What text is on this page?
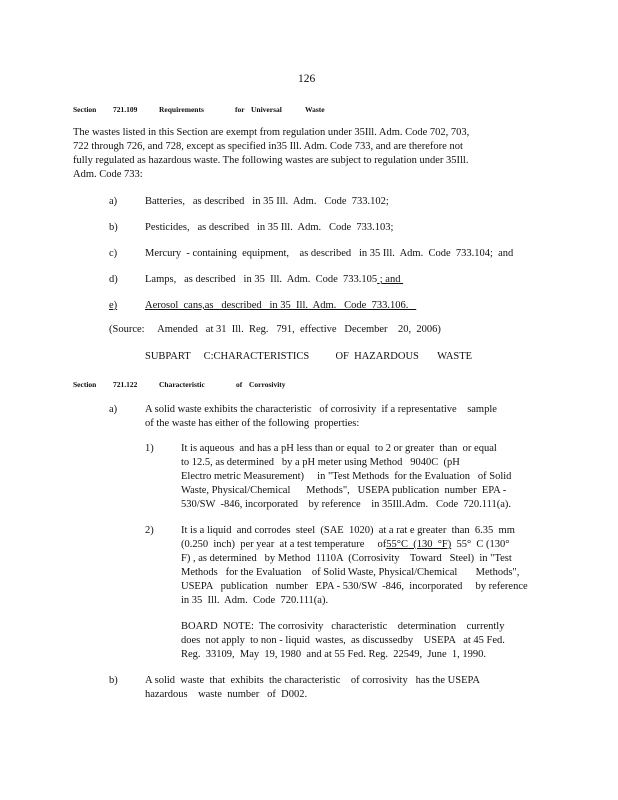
126
Section 721.109	Requirements	for Universal	Waste
The wastes listed in this Section are exempt from regulation under 35Ill. Adm. Code 702, 703,
722 through 726, and 728, except as specified in35 Ill. Adm. Code 733, and are therefore not
fully regulated as hazardous waste. The following wastes are subject to regulation under 35Ill.
Adm. Code 733:
a)	Batteries,   as described   in 35 Ill.  Adm.   Code  733.102;
b)	Pesticides,   as described   in 35 Ill.  Adm.   Code  733.103;
c)	Mercury  - containing  equipment,    as described   in 35 Ill.  Adm.  Code  733.104;  and
d)	Lamps,   as described   in 35  Ill.  Adm.  Code  733.105 ; and
e)	Aerosol  cans,as   described   in 35  Ill.  Adm.   Code  733.106.
(Source:     Amended   at 31  Ill.  Reg.   791,  effective   December    20,  2006)
SUBPART     C:CHARACTERISTICS          OF  HAZARDOUS       WASTE
Section 721.122	Characteristic	of Corrosivity
a)	A solid waste exhibits the characteristic   of corrosivity  if a representative    sample
of the waste has either of the following  properties:
1)	It is aqueous  and has a pH less than or equal  to 2 or greater  than  or equal
to 12.5, as determined   by a pH meter using Method   9040C  (pH
Electro metric Measurement)     in "Test Methods  for the Evaluation   of Solid
Waste, Physical/Chemical      Methods",   USEPA publication  number  EPA -
530/SW  -846, incorporated    by reference    in 35Ill.Adm.   Code  720.111(a).
2)	It is a liquid  and corrodes  steel  (SAE  1020)  at a rat e greater  than  6.35  mm
(0.250  inch)  per year  at a test temperature     of55°C  (130  °F)  55°  C (130°
F) , as determined   by Method  1110A  (Corrosivity    Toward   Steel)  in "Test
Methods   for the Evaluation    of Solid Waste, Physical/Chemical       Methods",
USEPA   publication   number   EPA - 530/SW  -846,  incorporated     by reference
in 35  Ill.  Adm.  Code  720.111(a).
BOARD  NOTE:  The corrosivity   characteristic    determination    currently
does  not apply  to non - liquid  wastes,  as discussedby    USEPA   at 45 Fed.
Reg.  33109,  May  19, 1980  and at 55 Fed. Reg.  22549,  June  1, 1990.
b)	A solid  waste  that  exhibits  the characteristic    of corrosivity   has the USEPA
hazardous    waste  number   of  D002.
